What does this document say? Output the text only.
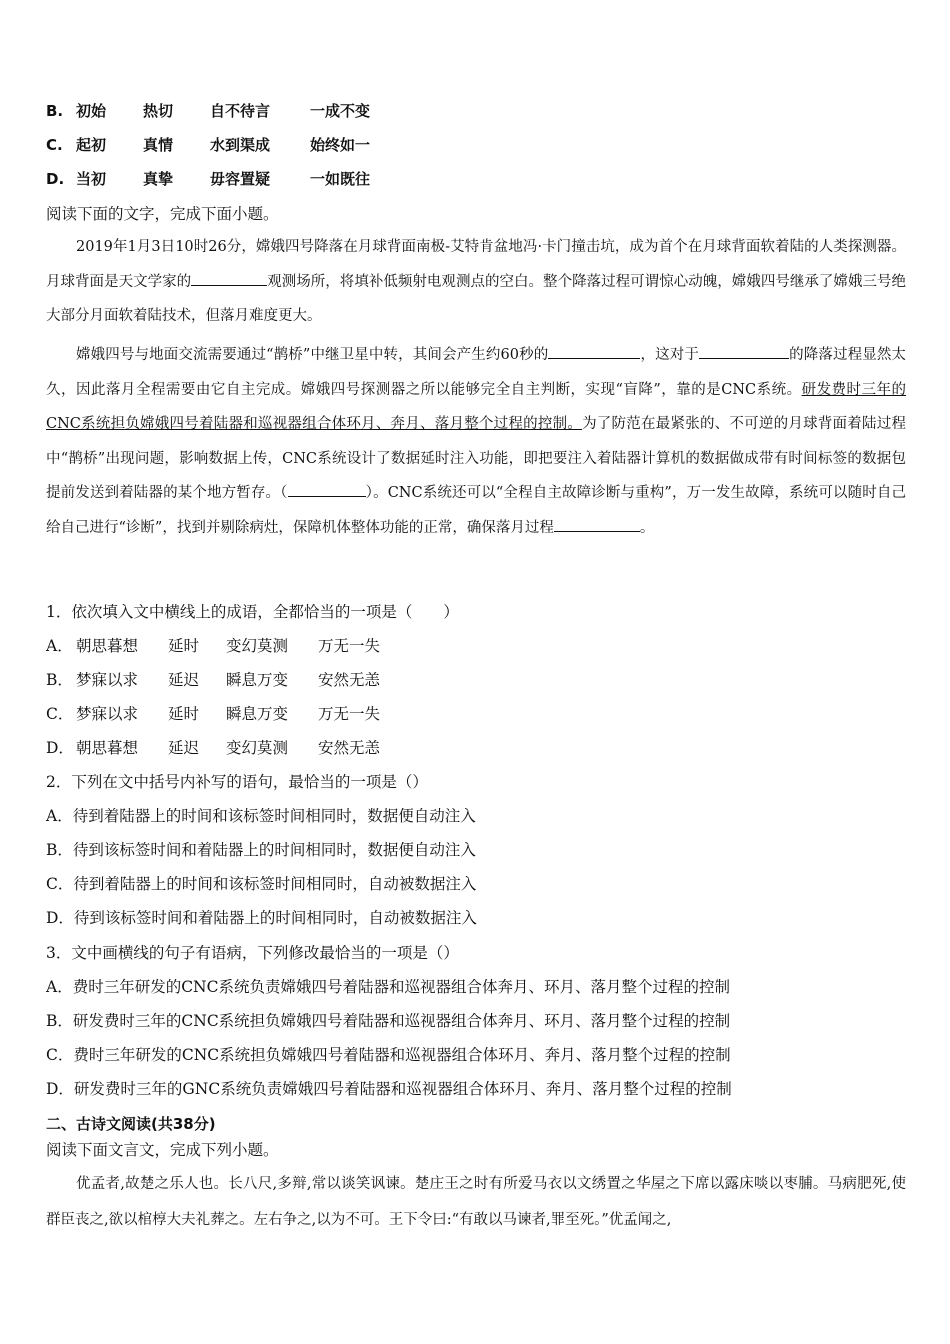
B. 初始 热切 自不待言	一成不变
C. 起初 真情 水到渠成	始终如一
D. 当初 真挚 毋容置疑	一如既往
阅读下面的文字，完成下面小题。
2019年1月3日10时26分，嫦娥四号降落在月球背面南极-艾特肯盆地冯·卡门撞击坑，成为首个在月球背面软着陆的人类探测器。月球背面是天文学家的	观测场所，将填补低频射电观测点的空白。整个降落过程可谓惊心动魄，嫦娥四号继承了嫦娥三号绝大部分月面软着陆技术，但落月难度更大。
嫦娥四号与地面交流需要通过“鹊桥”中继卫星中转，其间会产生约60秒的	，这对于	的降落过程显然太久，因此落月全程需要由它自主完成。嫦娥四号探测器之所以能够完全自主判断，实现“盲降”，靠的是CNC系统。研发费时三年的CNC系统担负嫦娥四号着陆器和巡视器组合体环月、奔月、落月整个过程的控制。为了防范在最紧张的、不可逆的月球背面着陆过程中“鹊桥”出现问题，影响数据上传，CNC系统设计了数据延时注入功能，即把要注入着陆器计算机的数据做成带有时间标签的数据包提前发送到着陆器的某个地方暂存。（	）。CNC系统还可以“全程自主故障诊断与重构”，万一发生故障，系统可以随时自己给自己进行“诊断”，找到并剔除病灶，保障机体整体功能的正常，确保落月过程	。
1．依次填入文中横线上的成语，全都恰当的一项是（　　）
A． 朝思暮想 延时 变幻莫测 万无一失
B． 梦寐以求 延迟 瞬息万变 安然无恙
C． 梦寐以求 延时 瞬息万变 万无一失
D． 朝思暮想 延迟 变幻莫测 安然无恙
2．下列在文中括号内补写的语句，最恰当的一项是（）
A．待到着陆器上的时间和该标签时间相同时，数据便自动注入
B．待到该标签时间和着陆器上的时间相同时，数据便自动注入
C．待到着陆器上的时间和该标签时间相同时，自动被数据注入
D．待到该标签时间和着陆器上的时间相同时，自动被数据注入
3．文中画横线的句子有语病，下列修改最恰当的一项是（）
A．费时三年研发的CNC系统负责嫦娥四号着陆器和巡视器组合体奔月、环月、落月整个过程的控制
B．研发费时三年的CNC系统担负嫦娥四号着陆器和巡视器组合体奔月、环月、落月整个过程的控制
C．费时三年研发的CNC系统担负嫦娥四号着陆器和巡视器组合体环月、奔月、落月整个过程的控制
D．研发费时三年的GNC系统负责嫦娥四号着陆器和巡视器组合体环月、奔月、落月整个过程的控制
二、古诗文阅读(共38分)
阅读下面文言文，完成下列小题。
优孟者,故楚之乐人也。长八尺,多辩,常以谈笑讽谏。楚庄王之时有所爱马衣以文绣置之华屋之下席以露床啖以枣脯。马病肥死,使群臣丧之,欲以棺椁大夫礼葬之。左右争之,以为不可。王下令曰:“有敢以马谏者,罪至死。”优孟闻之,
